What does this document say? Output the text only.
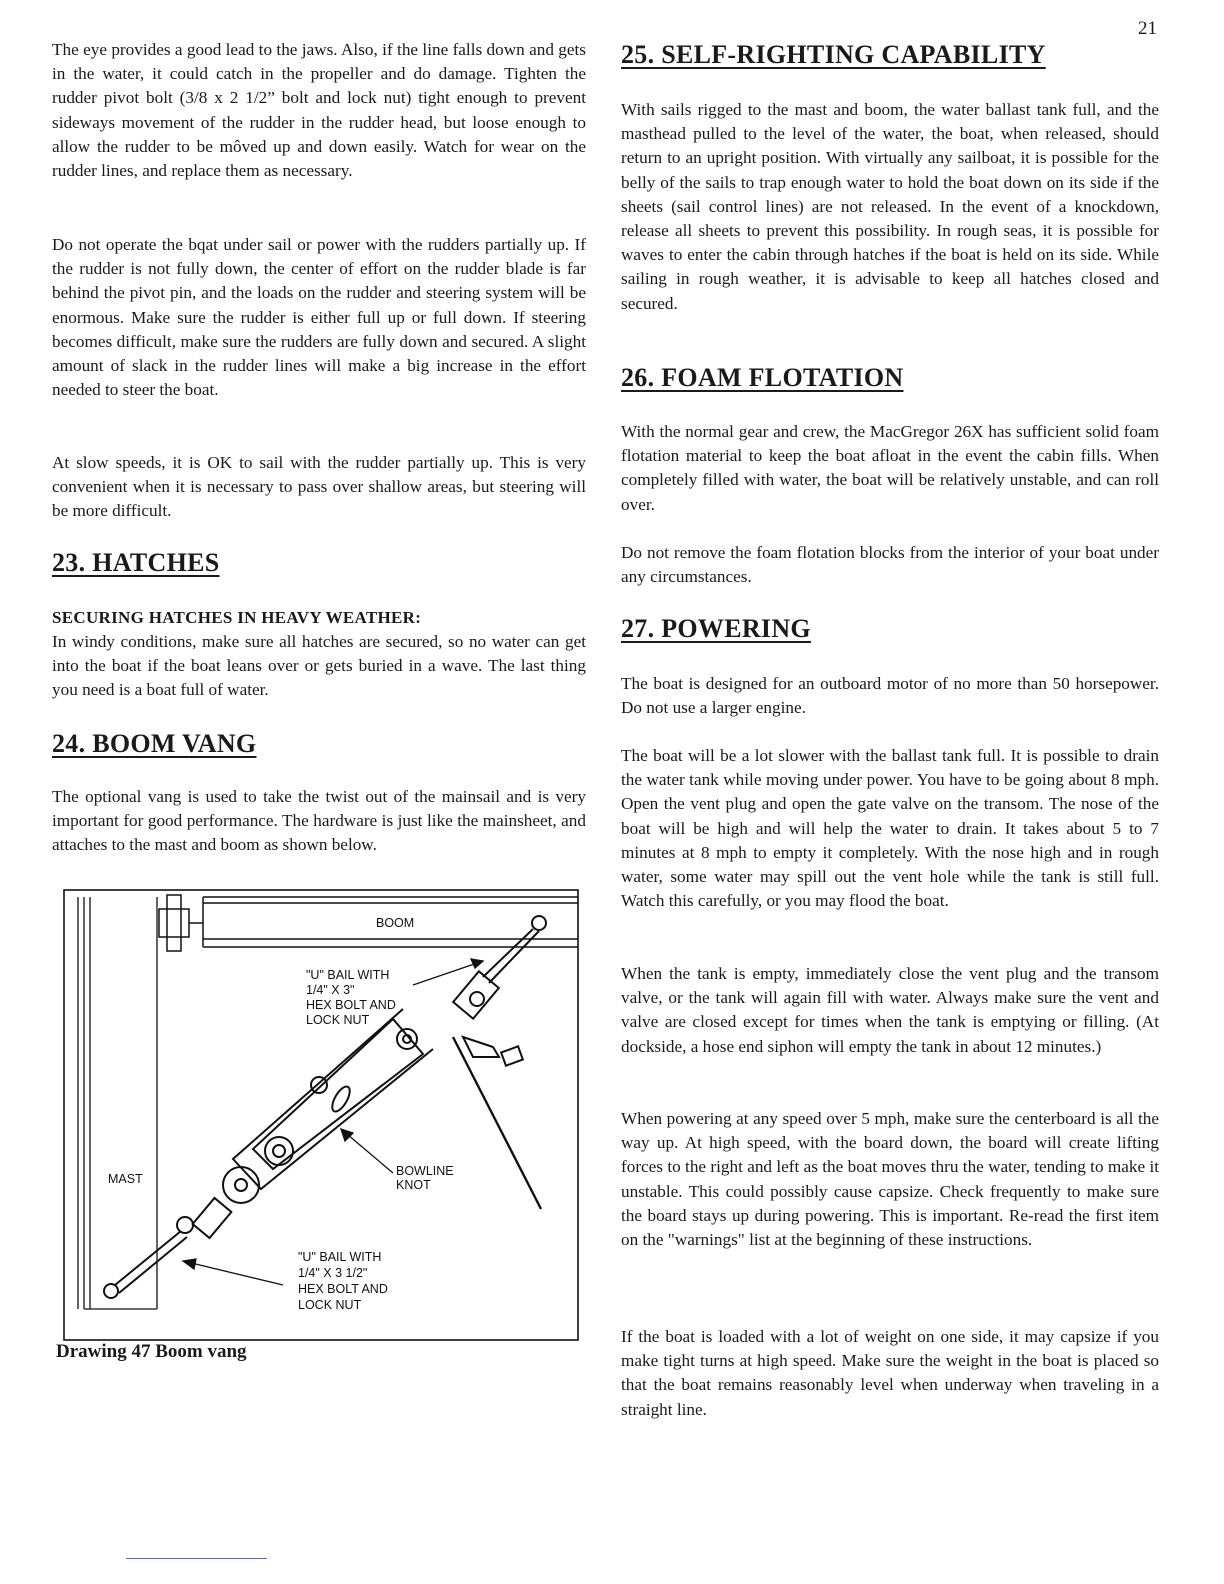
21

The eye provides a good lead to the jaws. Also, if the line falls down and gets in the water, it could catch in the propeller and do damage. Tighten the rudder pivot bolt (3/8 x 2 1/2” bolt and lock nut) tight enough to prevent sideways movement of the rudder in the rudder head, but loose enough to allow the rudder to be môved up and down easily. Watch for wear on the rudder lines, and replace them as necessary.

Do not operate the bqat under sail or power with the rudders partially up. If the rudder is not fully down, the center of effort on the rudder blade is far behind the pivot pin, and the loads on the rudder and steering system will be enormous. Make sure the rudder is either full up or full down. If steering becomes difficult, make sure the rudders are fully down and secured. A slight amount of slack in the rudder lines will make a big increase in the effort needed to steer the boat.

At slow speeds, it is OK to sail with the rudder partially up. This is very convenient when it is necessary to pass over shallow areas, but steering will be more difficult.

23. HATCHES
SECURING HATCHES IN HEAVY WEATHER:

In windy conditions, make sure all hatches are secured, so no water can get into the boat if the boat leans over or gets buried in a wave. The last thing you need is a boat full of water.

24. BOOM VANG

The optional vang is used to take the twist out of the mainsail and is very important for good performance. The hardware is just like the mainsheet, and attaches to the mast and boom as shown below.

BOOM
MAST
"U" BAIL WITH
1/4" X 3"
HEX BOLT AND
LOCK NUT
BOWLINE
KNOT
"U" BAIL WITH
1/4" X 3 1/2"
HEX BOLT AND
LOCK NUT
Drawing 47 Boom vang
25. SELF-RIGHTING CAPABILITY

With sails rigged to the mast and boom, the water ballast tank full, and the masthead pulled to the level of the water, the boat, when released, should return to an upright position. With virtually any sailboat, it is possible for the belly of the sails to trap enough water to hold the boat down on its side if the sheets (sail control lines) are not released. In the event of a knockdown, release all sheets to prevent this possibility. In rough seas, it is possible for waves to enter the cabin through hatches if the boat is held on its side. While sailing in rough weather, it is advisable to keep all hatches closed and secured.

26. FOAM FLOTATION

With the normal gear and crew, the MacGregor 26X has sufficient solid foam flotation material to keep the boat afloat in the event the cabin fills. When completely filled with water, the boat will be relatively unstable, and can roll over.

Do not remove the foam flotation blocks from the interior of your boat under any circumstances.

27. POWERING

The boat is designed for an outboard motor of no more than 50 horsepower. Do not use a larger engine.

The boat will be a lot slower with the ballast tank full. It is possible to drain the water tank while moving under power. You have to be going about 8 mph. Open the vent plug and open the gate valve on the transom. The nose of the boat will be high and will help the water to drain. It takes about 5 to 7 minutes at 8 mph to empty it completely. With the nose high and in rough water, some water may spill out the vent hole while the tank is still full. Watch this carefully, or you may flood the boat.

When the tank is empty, immediately close the vent plug and the transom valve, or the tank will again fill with water. Always make sure the vent and valve are closed except for times when the tank is emptying or filling. (At dockside, a hose end siphon will empty the tank in about 12 minutes.)

When powering at any speed over 5 mph, make sure the centerboard is all the way up. At high speed, with the board down, the board will create lifting forces to the right and left as the boat moves thru the water, tending to make it unstable. This could possibly cause capsize. Check frequently to make sure the board stays up during powering. This is important. Re-read the first item on the "warnings" list at the beginning of these instructions.

If the boat is loaded with a lot of weight on one side, it may capsize if you make tight turns at high speed. Make sure the weight in the boat is placed so that the boat remains reasonably level when underway when traveling in a straight line.
